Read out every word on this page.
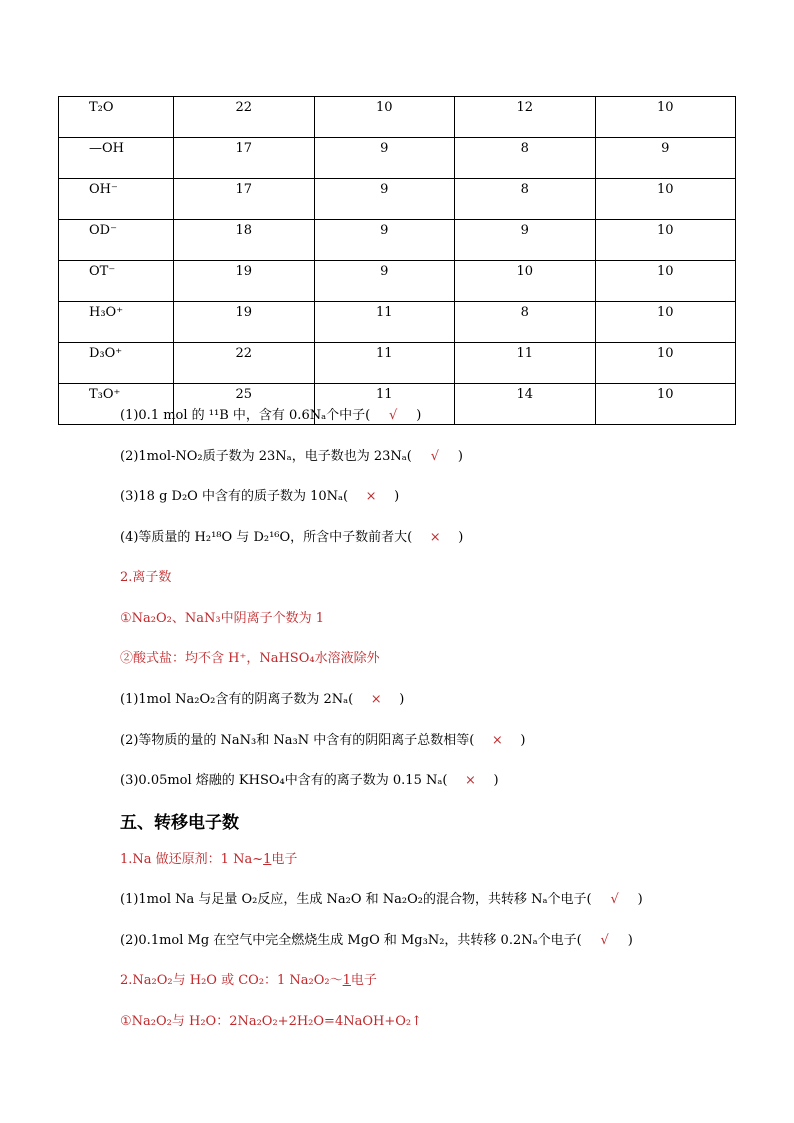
T₂O	22	10	12	10
—OH	17	9	8	9
OH⁻	17	9	8	10
OD⁻	18	9	9	10
OT⁻	19	9	10	10
H₃O⁺	19	11	8	10
D₃O⁺	22	11	11	10
T₃O⁺	25	11	14	10
(1)0.1 mol 的 ¹¹B 中，含有 0.6Nₐ个中子( √ )
(2)1mol-NO₂质子数为 23Nₐ，电子数也为 23Nₐ( √ )
(3)18 g D₂O 中含有的质子数为 10Nₐ( × )
(4)等质量的 H₂¹⁸O 与 D₂¹⁶O，所含中子数前者大( × )
2.离子数
①Na₂O₂、NaN₃中阴离子个数为 1
②酸式盐：均不含 H⁺，NaHSO₄水溶液除外
(1)1mol Na₂O₂含有的阴离子数为 2Nₐ( × )
(2)等物质的量的 NaN₃和 Na₃N 中含有的阴阳离子总数相等( × )
(3)0.05mol 熔融的 KHSO₄中含有的离子数为 0.15 Nₐ( × )
五、转移电子数
1.Na 做还原剂：1 Na~1电子
(1)1mol Na 与足量 O₂反应，生成 Na₂O 和 Na₂O₂的混合物，共转移 Nₐ个电子( √ )
(2)0.1mol Mg 在空气中完全燃烧生成 MgO 和 Mg₃N₂，共转移 0.2Nₐ个电子( √ )
2.Na₂O₂与 H₂O 或 CO₂：1 Na₂O₂～1电子
①Na₂O₂与 H₂O：2Na₂O₂+2H₂O=4NaOH+O₂↑
